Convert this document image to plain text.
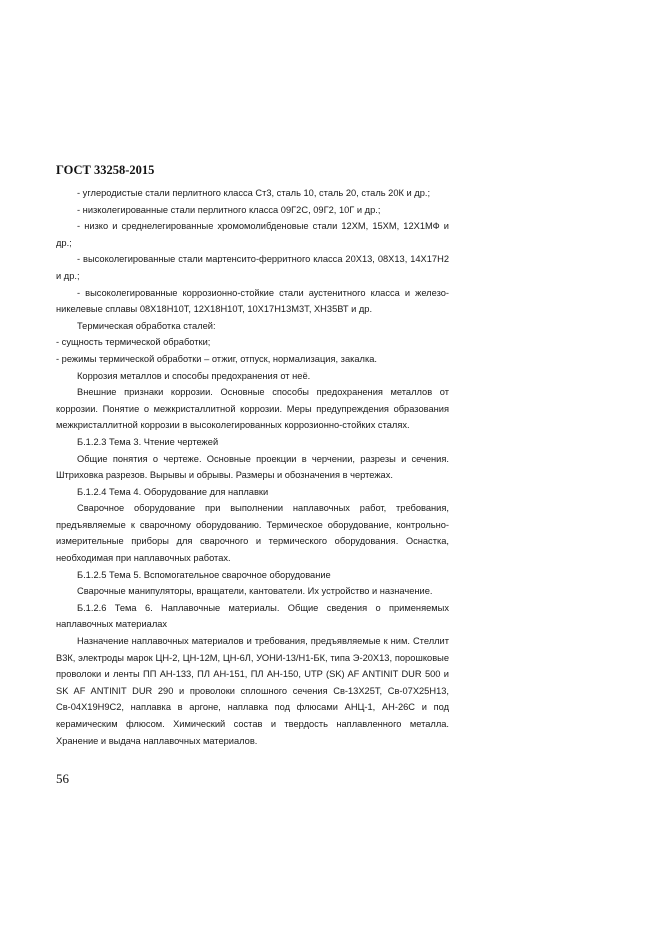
ГОСТ 33258-2015

- углеродистые стали перлитного класса Ст3, сталь 10, сталь 20, сталь 20К и др.;

- низколегированные стали перлитного класса 09Г2С, 09Г2, 10Г и др.;

- низко и среднелегированные хромомолибденовые стали 12ХМ, 15ХМ, 12Х1МФ и др.;

- высоколегированные стали мартенсито-ферритного класса 20Х13, 08Х13, 14Х17Н2 и др.;

- высоколегированные коррозионно-стойкие стали аустенитного класса и железо-никелевые сплавы 08Х18Н10Т, 12Х18Н10Т, 10Х17Н13М3Т, ХН35ВТ и др.

Термическая обработка сталей:

- сущность термической обработки;

- режимы термической обработки – отжиг, отпуск, нормализация, закалка.

Коррозия металлов и способы предохранения от неё.

Внешние признаки коррозии. Основные способы предохранения металлов от коррозии. Понятие о межкристаллитной коррозии. Меры предупреждения образования межкристаллитной коррозии в высоколегированных коррозионно-стойких сталях.

Б.1.2.3 Тема 3. Чтение чертежей

Общие понятия о чертеже. Основные проекции в черчении, разрезы и сечения. Штриховка разрезов. Вырывы и обрывы. Размеры и обозначения в чертежах.

Б.1.2.4 Тема 4. Оборудование для наплавки

Сварочное оборудование при выполнении наплавочных работ, требования, предъявляемые к сварочному оборудованию. Термическое оборудование, контрольно-измерительные приборы для сварочного и термического оборудования. Оснастка, необходимая при наплавочных работах.

Б.1.2.5 Тема 5. Вспомогательное сварочное оборудование

Сварочные манипуляторы, вращатели, кантователи. Их устройство и назначение.

Б.1.2.6 Тема 6. Наплавочные материалы. Общие сведения о применяемых наплавочных материалах

Назначение наплавочных материалов и требования, предъявляемые к ним. Стеллит В3К, электроды марок ЦН-2, ЦН-12М, ЦН-6Л, УОНИ-13/Н1-БК, типа Э-20Х13, порошковые проволоки и ленты ПП АН-133, ПЛ АН-151, ПЛ АН-150, UTP (SK) AF ANTINIT DUR 500 и SK AF ANTINIT DUR 290 и проволоки сплошного сечения Св-13Х25Т, Св-07Х25Н13, Св-04Х19Н9С2, наплавка в аргоне, наплавка под флюсами АНЦ-1, АН-26С и под керамическим флюсом. Химический состав и твердость наплавленного металла. Хранение и выдача наплавочных материалов.

56
